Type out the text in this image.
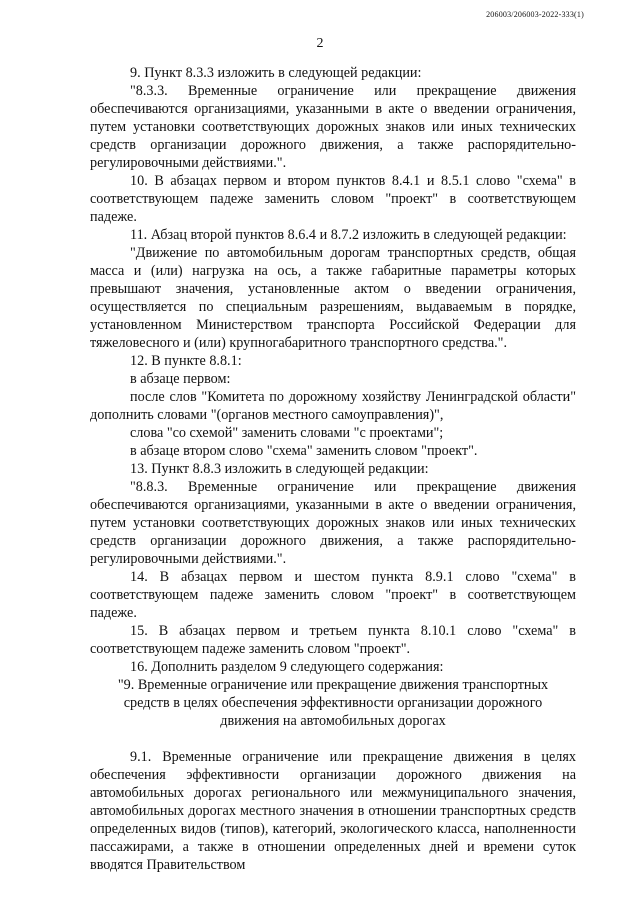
206003/206003-2022-333(1)
2

9. Пункт 8.3.3 изложить в следующей редакции:

"8.3.3. Временные ограничение или прекращение движения обеспечиваются организациями, указанными в акте о введении ограничения, путем установки соответствующих дорожных знаков или иных технических средств организации дорожного движения, а также распорядительно-регулировочными действиями.".

10. В абзацах первом и втором пунктов 8.4.1 и 8.5.1 слово "схема" в соответствующем падеже заменить словом "проект" в соответствующем падеже.

11. Абзац второй пунктов 8.6.4 и 8.7.2 изложить в следующей редакции:

"Движение по автомобильным дорогам транспортных средств, общая масса и (или) нагрузка на ось, а также габаритные параметры которых превышают значения, установленные актом о введении ограничения, осуществляется по специальным разрешениям, выдаваемым в порядке, установленном Министерством транспорта Российской Федерации для тяжеловесного и (или) крупногабаритного транспортного средства.".

12. В пункте 8.8.1:

в абзаце первом:

после слов "Комитета по дорожному хозяйству Ленинградской области" дополнить словами "(органов местного самоуправления)",

слова "со схемой" заменить словами "с проектами";

в абзаце втором слово "схема" заменить словом "проект".

13. Пункт 8.8.3 изложить в следующей редакции:

"8.8.3. Временные ограничение или прекращение движения обеспечиваются организациями, указанными в акте о введении ограничения, путем установки соответствующих дорожных знаков или иных технических средств организации дорожного движения, а также распорядительно-регулировочными действиями.".

14. В абзацах первом и шестом пункта 8.9.1 слово "схема" в соответствующем падеже заменить словом "проект" в соответствующем падеже.

15. В абзацах первом и третьем пункта 8.10.1 слово "схема" в соответствующем падеже заменить словом "проект".

16. Дополнить разделом 9 следующего содержания:

"9. Временные ограничение или прекращение движения транспортных средств в целях обеспечения эффективности организации дорожного движения на автомобильных дорогах

9.1. Временные ограничение или прекращение движения в целях обеспечения эффективности организации дорожного движения на автомобильных дорогах регионального или межмуниципального значения, автомобильных дорогах местного значения в отношении транспортных средств определенных видов (типов), категорий, экологического класса, наполненности пассажирами, а также в отношении определенных дней и времени суток вводятся Правительством
